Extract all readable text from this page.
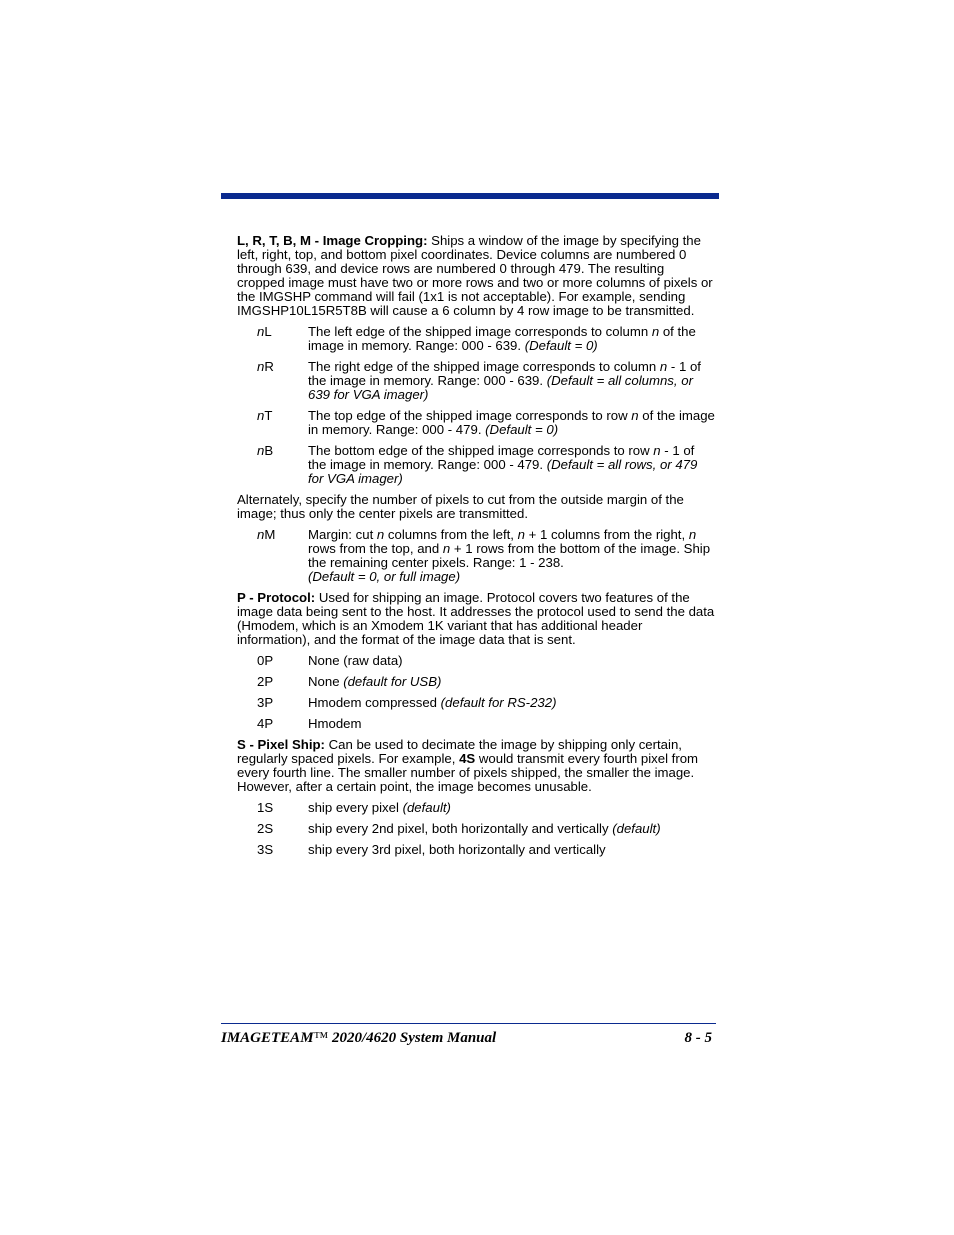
L, R, T, B, M - Image Cropping: Ships a window of the image by specifying the left, right, top, and bottom pixel coordinates. Device columns are numbered 0 through 639, and device rows are numbered 0 through 479. The resulting cropped image must have two or more rows and two or more columns of pixels or the IMGSHP command will fail (1x1 is not acceptable). For example, sending IMGSHP10L15R5T8B will cause a 6 column by 4 row image to be transmitted.

nL	The left edge of the shipped image corresponds to column n of the image in memory. Range: 000 - 639. (Default = 0)
nR	The right edge of the shipped image corresponds to column n - 1 of the image in memory. Range: 000 - 639. (Default = all columns, or 639 for VGA imager)
nT	The top edge of the shipped image corresponds to row n of the image in memory. Range: 000 - 479. (Default = 0)
nB	The bottom edge of the shipped image corresponds to row n - 1 of the image in memory. Range: 000 - 479. (Default = all rows, or 479 for VGA imager)

Alternately, specify the number of pixels to cut from the outside margin of the image; thus only the center pixels are transmitted.

nM Margin: cut n columns from the left, n + 1 columns from the right, n rows from the top, and n + 1 rows from the bottom of the image. Ship the remaining center pixels. Range: 1 - 238.
(Default = 0, or full image)

P - Protocol: Used for shipping an image. Protocol covers two features of the image data being sent to the host. It addresses the protocol used to send the data (Hmodem, which is an Xmodem 1K variant that has additional header information), and the format of the image data that is sent.

0P	None (raw data)
2P	None (default for USB)
3P	Hmodem compressed (default for RS-232)
4P	Hmodem

S - Pixel Ship: Can be used to decimate the image by shipping only certain, regularly spaced pixels. For example, 4S would transmit every fourth pixel from every fourth line. The smaller number of pixels shipped, the smaller the image. However, after a certain point, the image becomes unusable.

1S	ship every pixel (default)
2S	ship every 2nd pixel, both horizontally and vertically (default)
3S	ship every 3rd pixel, both horizontally and vertically
IMAGETEAM™ 2020/4620 System Manual	8 - 5
